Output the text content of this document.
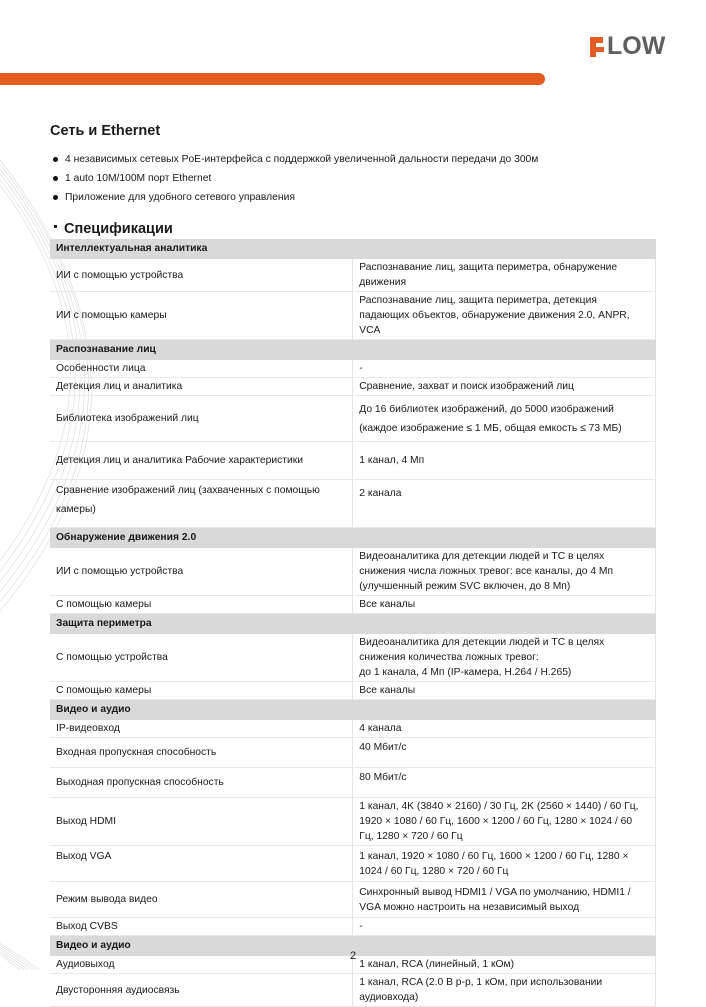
LOW
Сеть и Ethernet
4 независимых сетевых PoE-интерфейса с поддержкой увеличенной дальности передачи до 300м
1 auto 10M/100M порт Ethernet
Приложение для удобного сетевого управления
Спецификации
Интеллектуальная аналитика	
ИИ с помощью устройства	Распознавание лиц, защита периметра, обнаружение движения
ИИ с помощью камеры	Распознавание лиц, защита периметра, детекция падающих объектов, обнаружение движения 2.0, ANPR, VCA
Распознавание лиц	
Особенности лица	-
Детекция лиц и аналитика	Сравнение, захват и поиск изображений лиц
Библиотека изображений лиц	До 16 библиотек изображений, до 5000 изображений (каждое изображение ≤ 1 МБ, общая емкость ≤ 73 МБ)
Детекция лиц и аналитика Рабочие характеристики	1 канал, 4 Мп
Сравнение изображений лиц (захваченных с помощью камеры)	2 канала
Обнаружение движения 2.0	
ИИ с помощью устройства	Видеоаналитика для детекции людей и ТС в целях снижения числа ложных тревог: все каналы, до 4 Мп (улучшенный режим SVC включен, до 8 Мп)
С помощью камеры	Все каналы
Защита периметра	
С помощью устройства	Видеоаналитика для детекции людей и ТС в целях снижения количества ложных тревог:
до 1 канала, 4 Мп (IP-камера, H.264 / H.265)

С помощью камеры	Все каналы
Видео и аудио	
IP-видеовход	4 канала
Входная пропускная способность	40 Мбит/с
Выходная пропускная способность	80 Мбит/с
Выход HDMI	1 канал, 4K (3840 × 2160) / 30 Гц, 2K (2560 × 1440) / 60 Гц, 1920 × 1080 / 60 Гц, 1600 × 1200 / 60 Гц, 1280 × 1024 / 60 Гц, 1280 × 720 / 60 Гц
Выход VGA	1 канал, 1920 × 1080 / 60 Гц, 1600 × 1200 / 60 Гц, 1280 × 1024 / 60 Гц, 1280 × 720 / 60 Гц
Режим вывода видео	Синхронный вывод HDMI1 / VGA по умолчанию, HDMI1 / VGA можно настроить на независимый выход
Выход CVBS	-
Видео и аудио	
Аудиовыход	1 канал, RCA (линейный, 1 кОм)
Двусторонняя аудиосвязь	1 канал, RCA (2.0 В p-p, 1 кОм, при использовании аудиовхода)
2
